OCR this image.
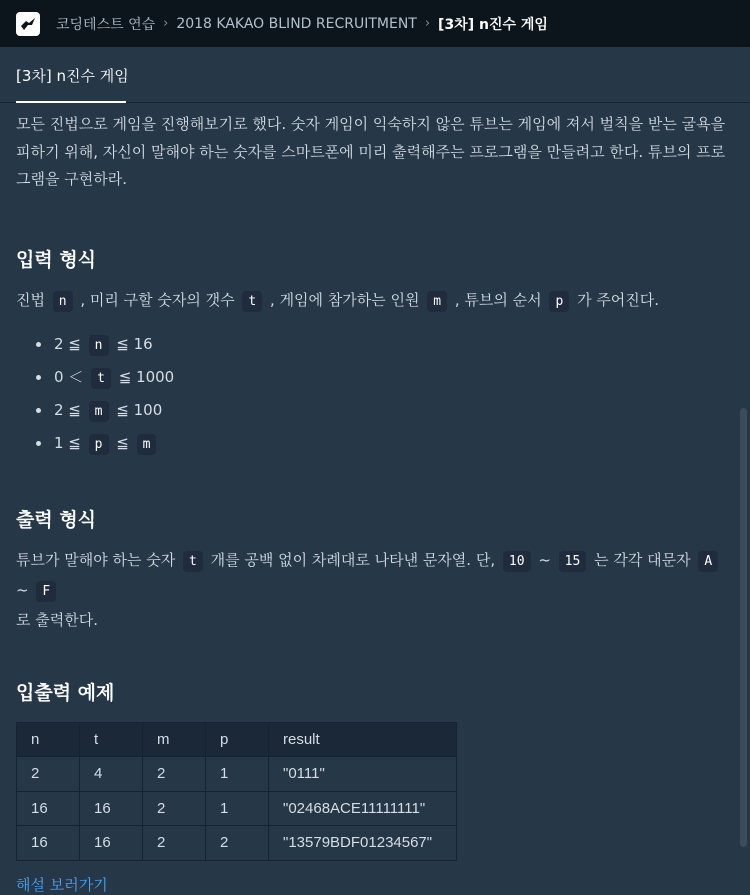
코딩테스트 연습 › 2018 KAKAO BLIND RECRUITMENT › [3차] n진수 게임
[3차] n진수 게임

모든 진법으로 게임을 진행해보기로 했다. 숫자 게임이 익숙하지 않은 튜브는 게임에 져서 벌칙을 받는 굴욕을 피하기 위해, 자신이 말해야 하는 숫자를 스마트폰에 미리 출력해주는 프로그램을 만들려고 한다. 튜브의 프로그램을 구현하라.

입력 형식
진법 n , 미리 구할 숫자의 갯수 t , 게임에 참가하는 인원 m , 튜브의 순서 p 가 주어진다.
2 ≦ n ≦ 16
0 ＜ t ≦ 1000
2 ≦ m ≦ 100
1 ≦ p ≦ m
출력 형식
튜브가 말해야 하는 숫자 t 개를 공백 없이 차례대로 나타낸 문자열. 단, 10 ~ 15 는 각각 대문자 A ~ F
로 출력한다.
입출력 예제
n	t	m	p	result
2	4	2	1	"0111"
16	16	2	1	"02468ACE11111111"
16	16	2	2	"13579BDF01234567"
해설 보러가기
